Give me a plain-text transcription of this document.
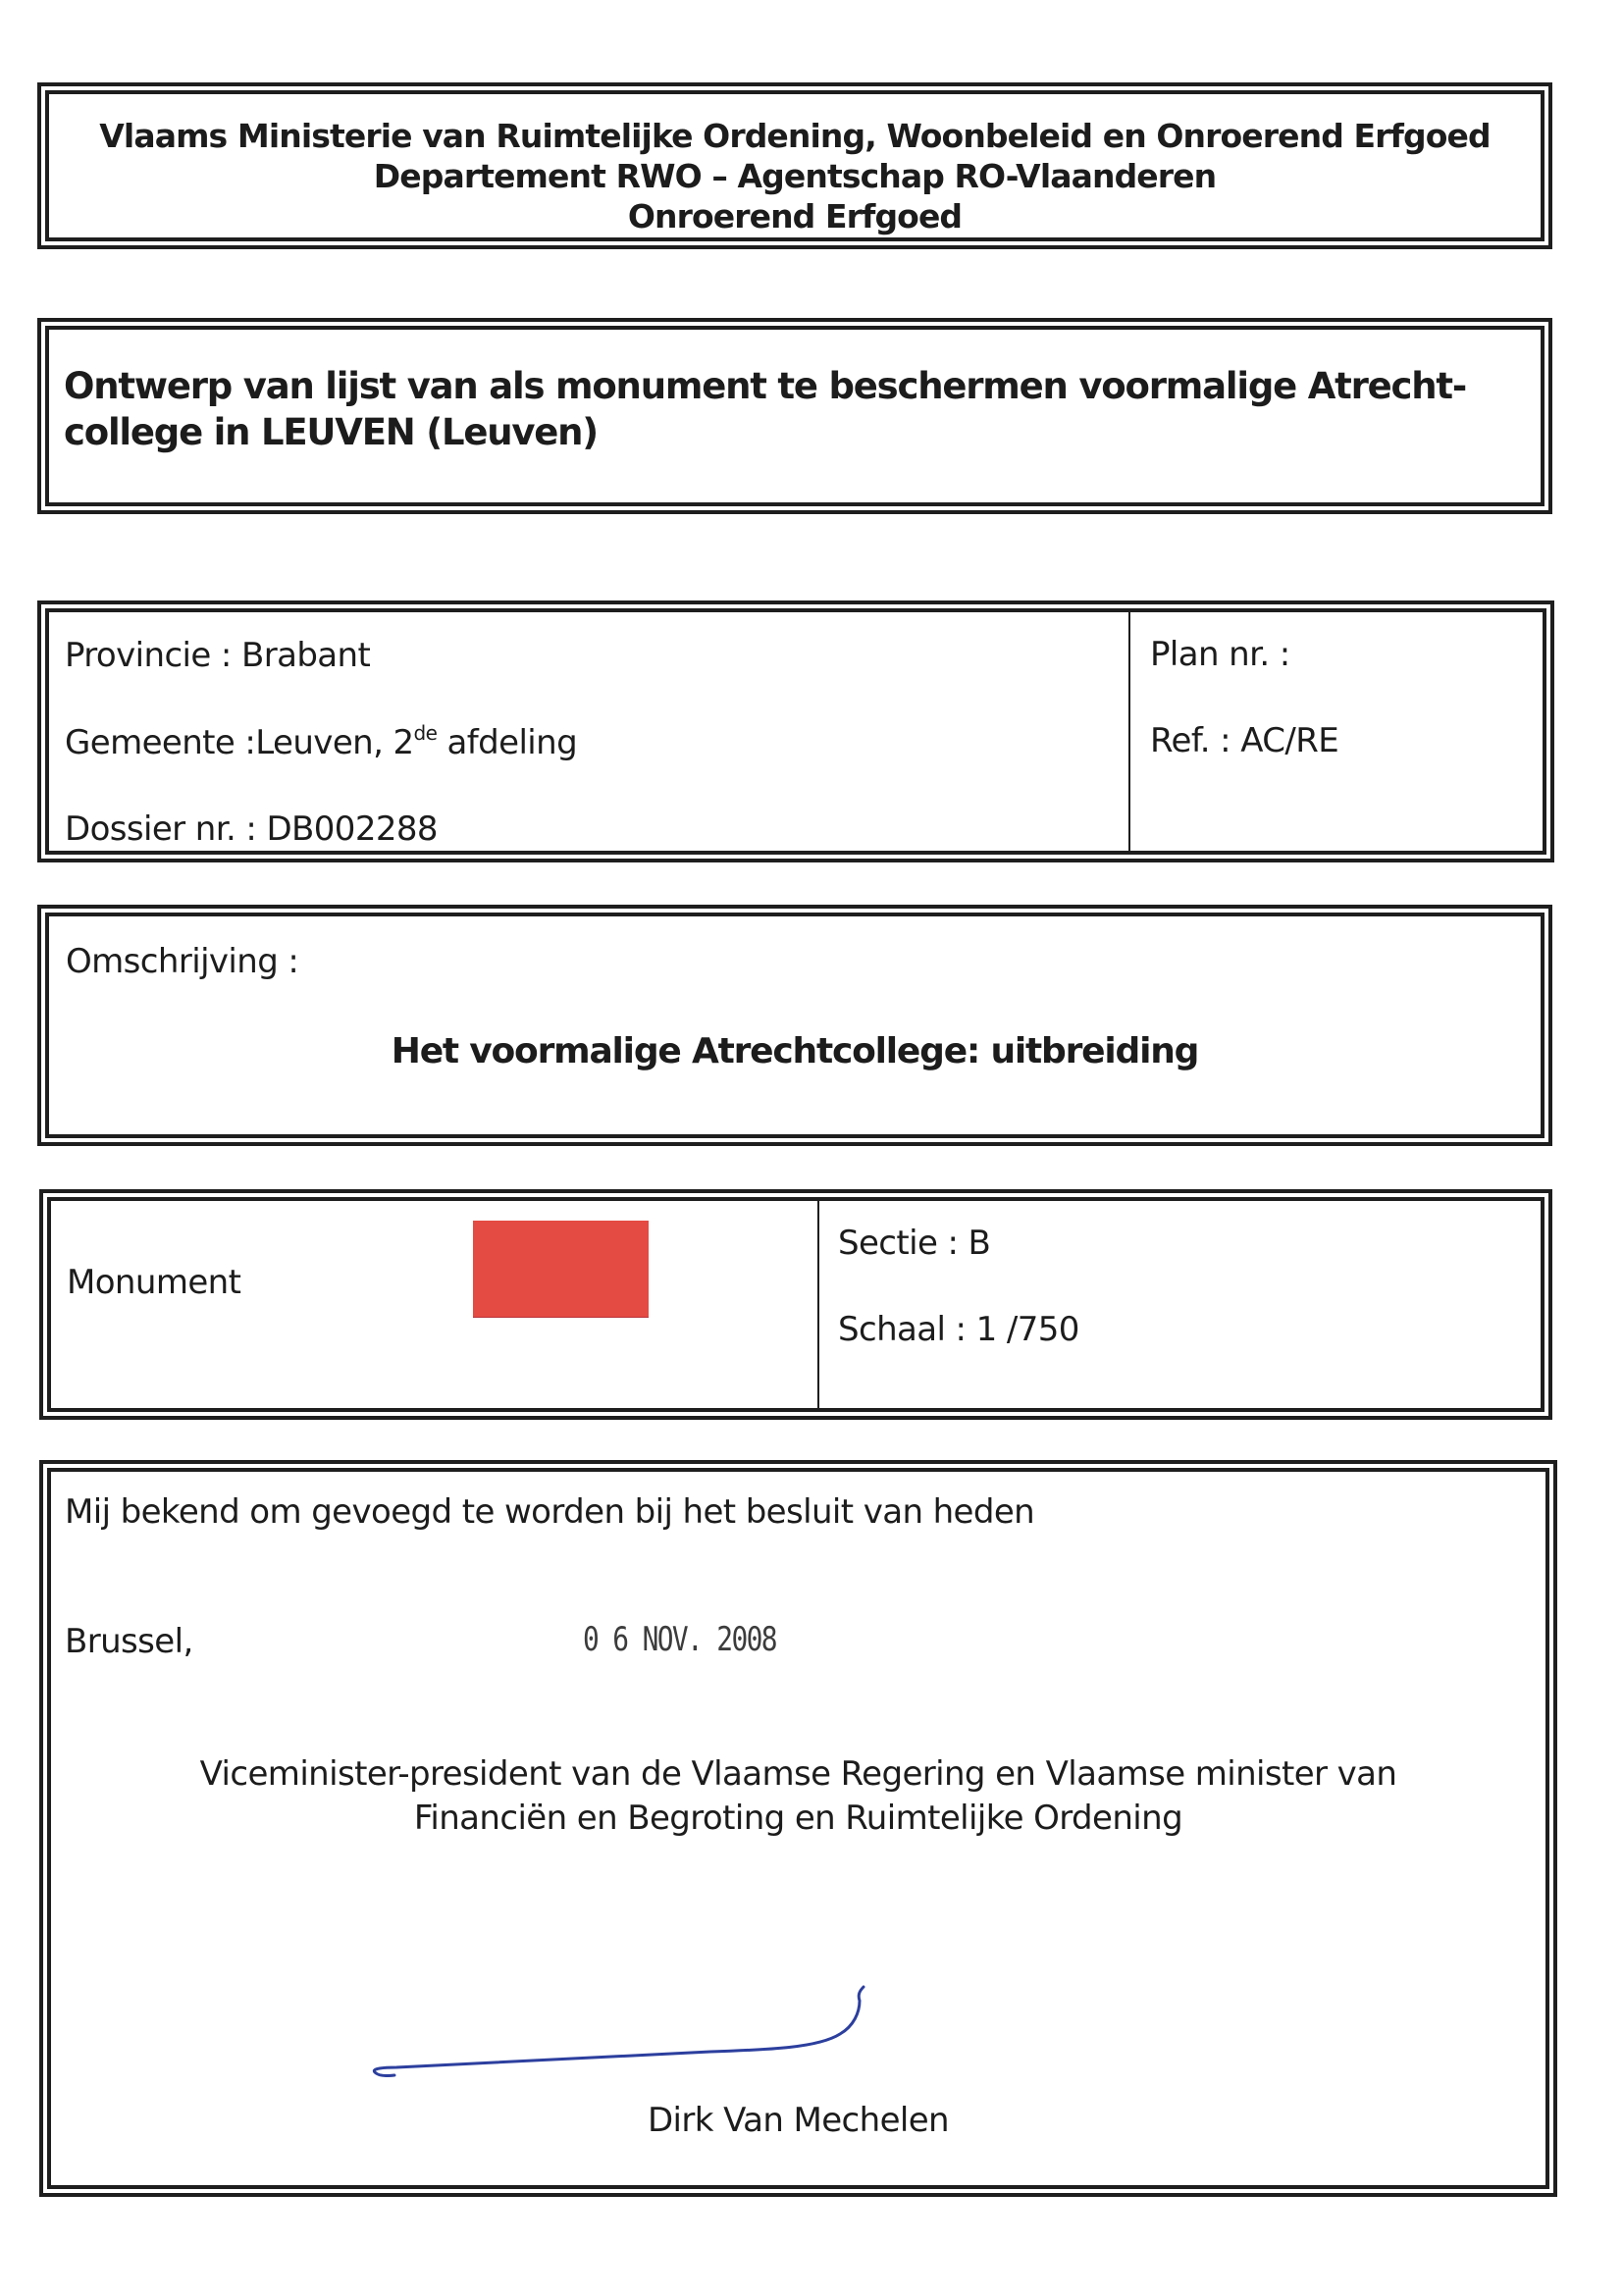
Vlaams Ministerie van Ruimtelijke Ordening, Woonbeleid en Onroerend Erfgoed
Departement RWO – Agentschap RO-Vlaanderen
Onroerend Erfgoed
Ontwerp van lijst van als monument te beschermen voormalige Atrecht-
college in LEUVEN (Leuven)
Provincie : Brabant
Gemeente :Leuven, 2de afdeling
Dossier nr. : DB002288
Plan nr. :
Ref. : AC/RE
Omschrijving :
Het voormalige Atrechtcollege: uitbreiding
Monument
Sectie : B
Schaal : 1 /750
Mij bekend om gevoegd te worden bij het besluit van heden
Brussel,	0 6 NOV. 2008
Viceminister-president van de Vlaamse Regering en Vlaamse minister van
Financiën en Begroting en Ruimtelijke Ordening
Dirk Van Mechelen
